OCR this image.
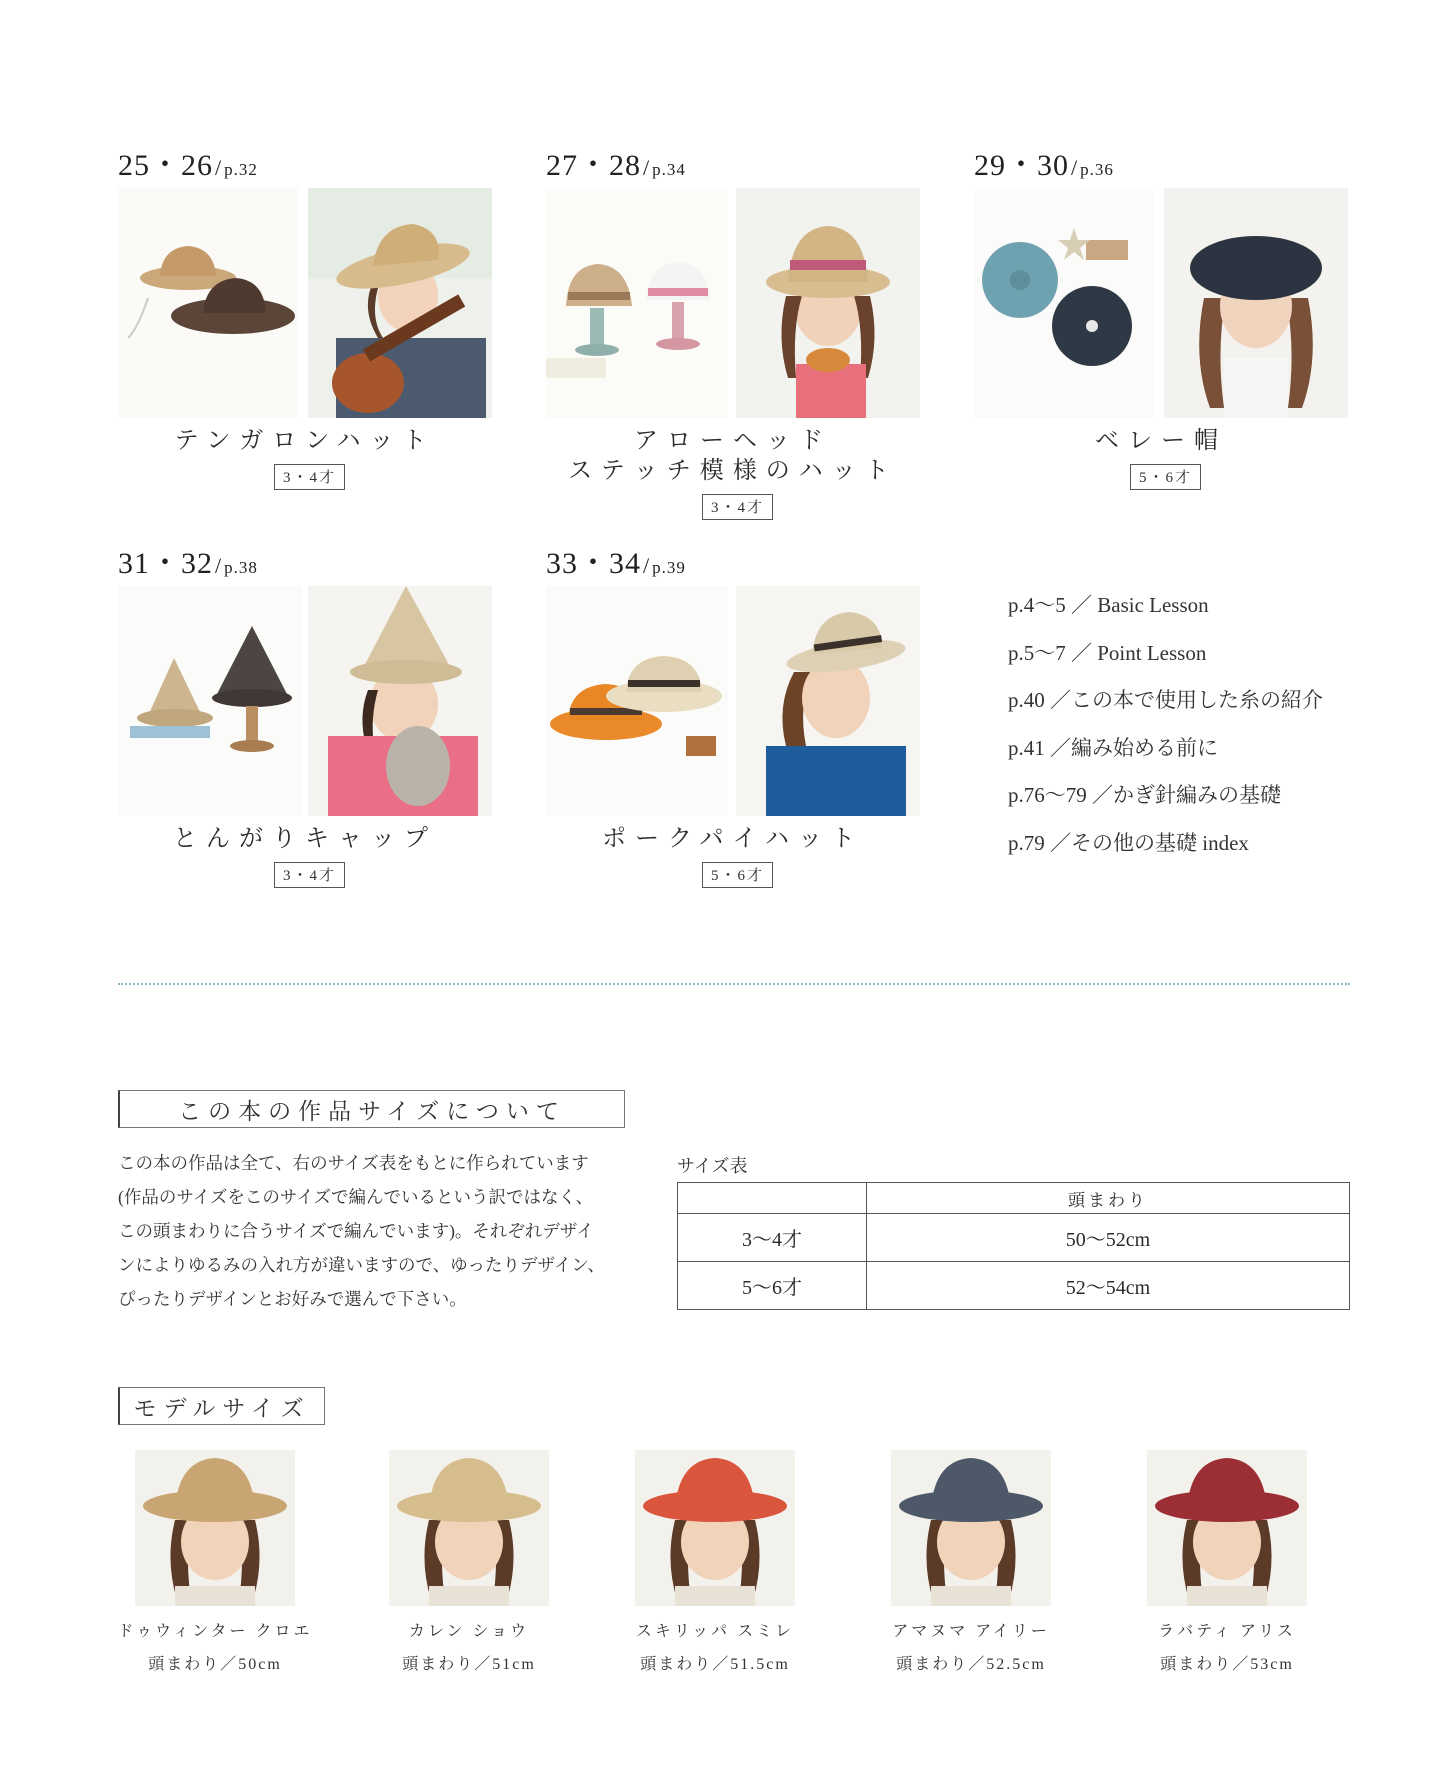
25・26/ p.32
テンガロンハット
3・4才
27・28/ p.34
アローヘッド
ステッチ模様のハット
3・4才
29・30/ p.36
ベレー帽
5・6才
31・32/ p.38
とんがりキャップ
3・4才
33・34/ p.39
ポークパイハット
5・6才
p.4～5 ／ Basic Lesson
p.5～7 ／ Point Lesson
p.40 ／この本で使用した糸の紹介
p.41 ／編み始める前に
p.76～79 ／かぎ針編みの基礎
p.79 ／その他の基礎 index
この本の作品サイズについて
この本の作品は全て、右のサイズ表をもとに作られています
(作品のサイズをこのサイズで編んでいるという訳ではなく、
この頭まわりに合うサイズで編んでいます)。それぞれデザイ
ンによりゆるみの入れ方が違いますので、ゆったりデザイン、
ぴったりデザインとお好みで選んで下さい。
サイズ表
	頭まわり
3～4才	50～52cm
5～6才	52～54cm
モデルサイズ
ドゥウィンター クロエ
頭まわり／50cm
カレン ショウ
頭まわり／51cm
スキリッパ スミレ
頭まわり／51.5cm
アマヌマ アイリー
頭まわり／52.5cm
ラバティ アリス
頭まわり／53cm
